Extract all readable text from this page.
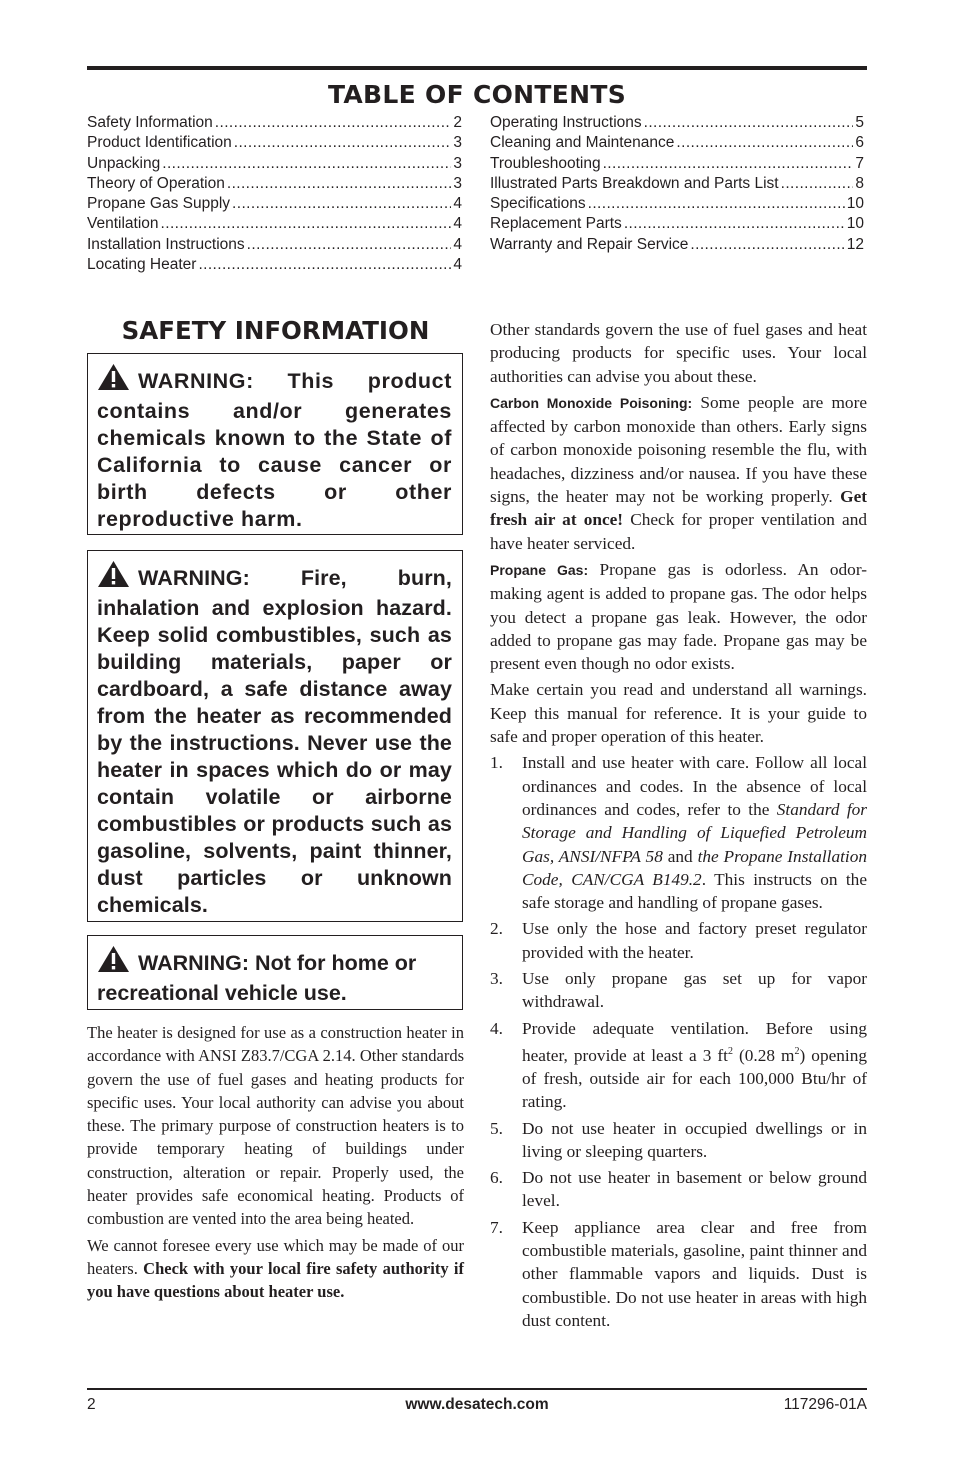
TABLE OF CONTENTS
Safety Information .....	2
Product Identification .....	3
Unpacking .....	3
Theory of Operation .....	3
Propane Gas Supply .....	4
Ventilation .....	4
Installation Instructions .....	4
Locating Heater .....	4
Operating Instructions .....	5
Cleaning and Maintenance .....	6
Troubleshooting .....	7
Illustrated Parts Breakdown and Parts List .....	8
Specifications .....	10
Replacement Parts .....	10
Warranty and Repair Service .....	12
SAFETY INFORMATION
WARNING: This product contains and/or generates chemicals known to the State of California to cause cancer or birth defects or other reproductive harm.
WARNING: Fire, burn, inhalation and explosion hazard. Keep solid combustibles, such as building materials, paper or cardboard, a safe distance away from the heater as recommended by the instructions. Never use the heater in spaces which do or may contain volatile or airborne combustibles or products such as gasoline, solvents, paint thinner, dust particles or unknown chemicals.
WARNING: Not for home or recreational vehicle use.

The heater is designed for use as a construction heater in accordance with ANSI Z83.7/CGA 2.14. Other standards govern the use of fuel gases and heating products for specific uses. Your local authority can advise you about these. The primary purpose of construction heaters is to provide temporary heating of buildings under construction, alteration or repair. Properly used, the heater provides safe economical heating. Products of combustion are vented into the area being heated.

We cannot foresee every use which may be made of our heaters. Check with your local fire safety authority if you have questions about heater use.

Other standards govern the use of fuel gases and heat producing products for specific uses. Your local authorities can advise you about these.

Carbon Monoxide Poisoning: Some people are more affected by carbon monoxide than others. Early signs of carbon monoxide poisoning resemble the flu, with headaches, dizziness and/or nausea. If you have these signs, the heater may not be working properly. Get fresh air at once! Check for proper ventilation and have heater serviced.

Propane Gas: Propane gas is odorless. An odor-making agent is added to propane gas. The odor helps you detect a propane gas leak. However, the odor added to propane gas may fade. Propane gas may be present even though no odor exists.

Make certain you read and understand all warnings. Keep this manual for reference. It is your guide to safe and proper operation of this heater.

1.	Install and use heater with care. Follow all local ordinances and codes. In the absence of local ordinances and codes, refer to the Standard for Storage and Handling of Liquefied Petroleum Gas, ANSI/NFPA 58 and the Propane Installation Code, CAN/CGA B149.2. This instructs on the safe storage and handling of propane gases.
2.	Use only the hose and factory preset regulator provided with the heater.
3.	Use only propane gas set up for vapor withdrawal.
4.	Provide adequate ventilation. Before using heater, provide at least a 3 $ft^2$ (0.28 $m^2$) opening of fresh, outside air for each 100,000 Btu/hr of rating.
5.	Do not use heater in occupied dwellings or in living or sleeping quarters.
6.	Do not use heater in basement or below ground level.
7.	Keep appliance area clear and free from combustible materials, gasoline, paint thinner and other flammable vapors and liquids. Dust is combustible. Do not use heater in areas with high dust content.
2	www.desatech.com	117296-01A
